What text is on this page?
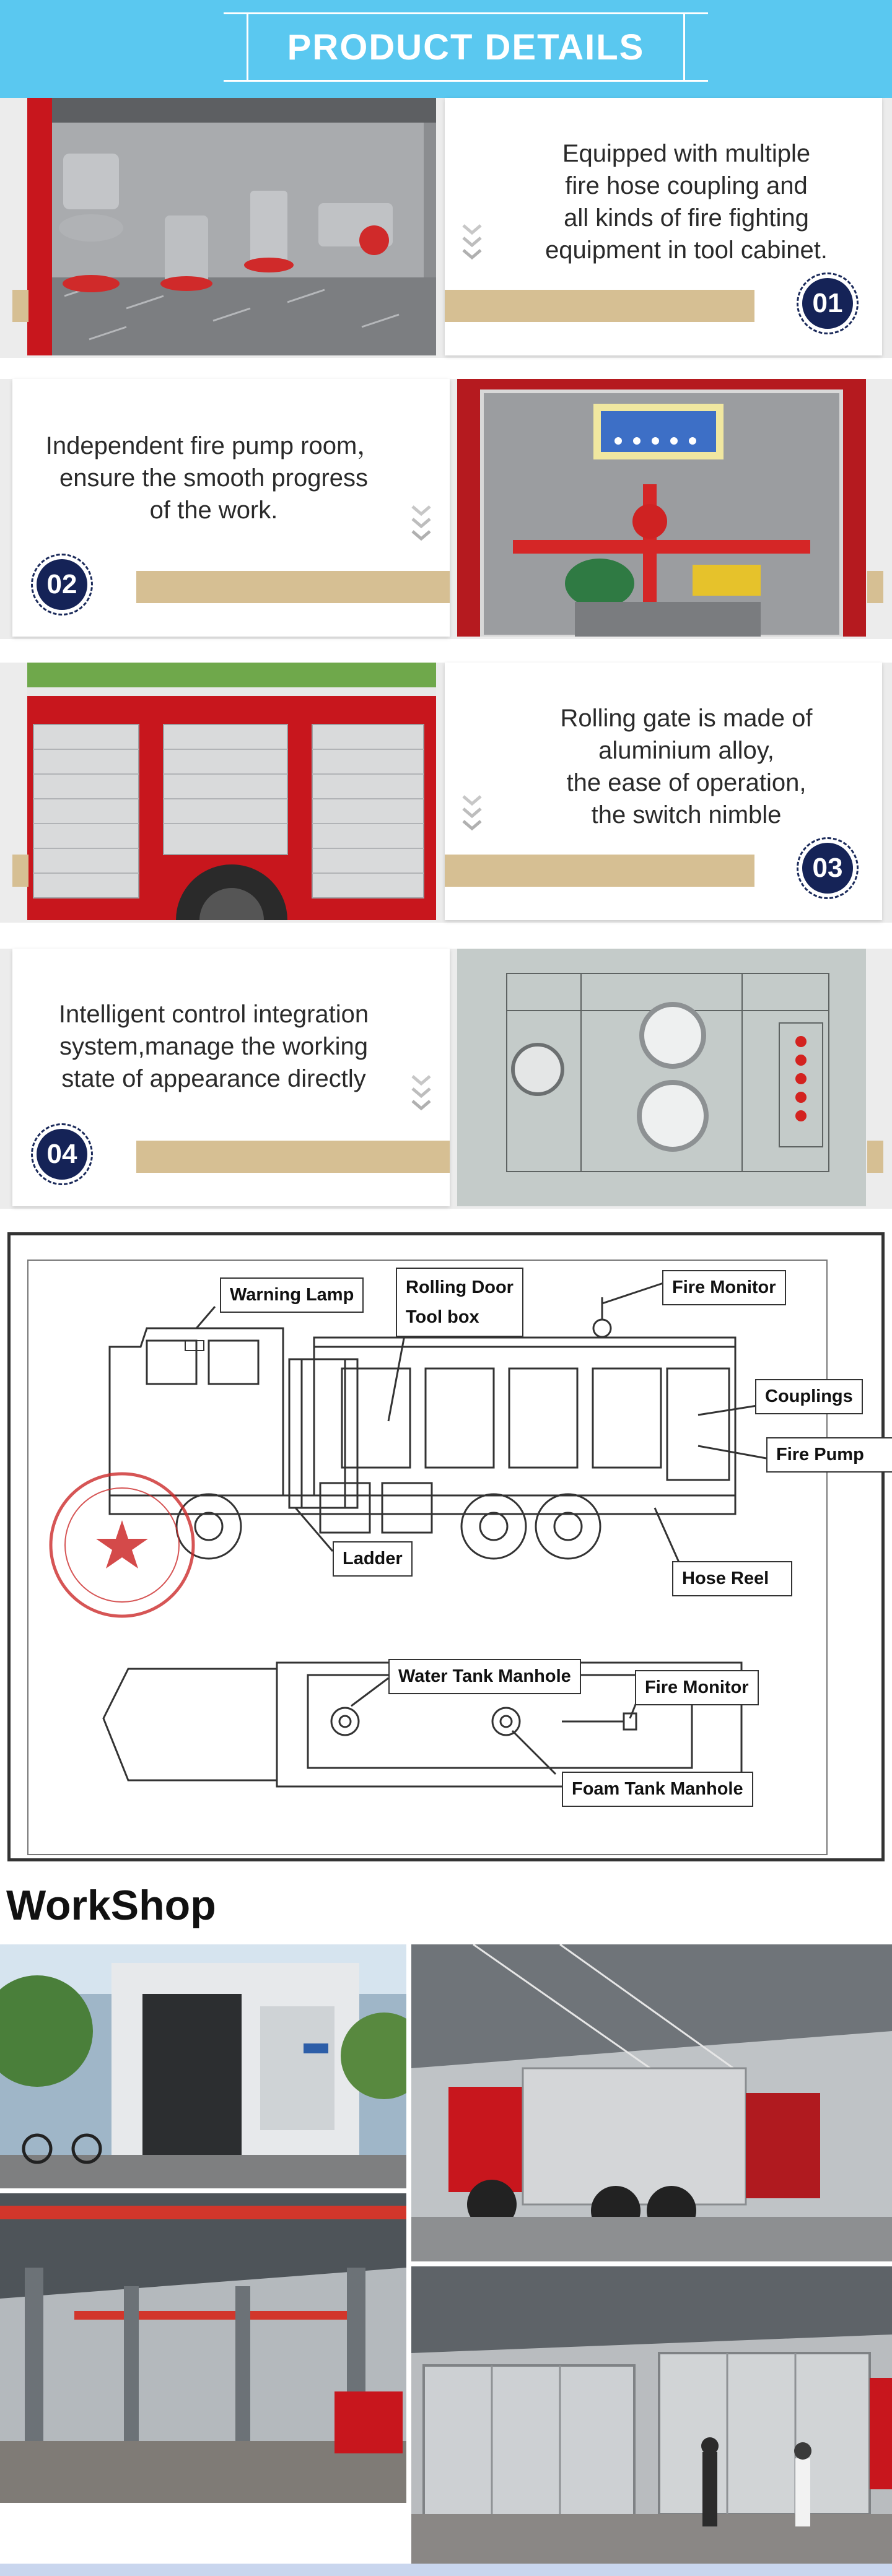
PRODUCT DETAILS
Equipped with multiple
fire hose coupling and
all kinds of fire fighting
equipment in tool cabinet.
01
Independent fire pump room，
ensure the smooth progress
of the work.
02
Rolling gate is made of
aluminium alloy,
the ease of operation,
the switch nimble
03
Intelligent control integration
system,manage the working
state of appearance directly
04
Warning Lamp	Rolling Door
Tool box
Fire Monitor
Couplings
Fire Pump
Ladder
Hose Reel
Water Tank Manhole
Fire Monitor
Foam Tank Manhole
WorkShop
